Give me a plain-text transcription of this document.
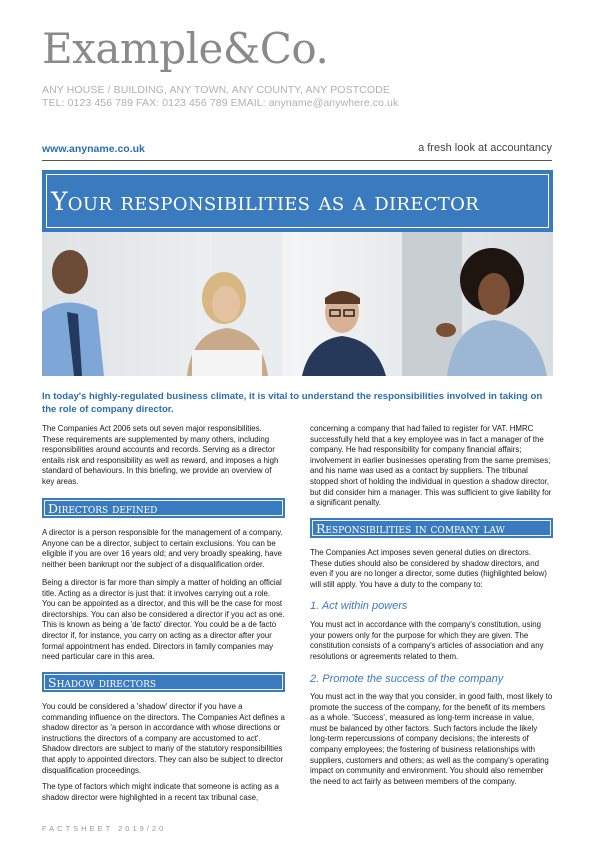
Example&Co.
ANY HOUSE / BUILDING, ANY TOWN, ANY COUNTY, ANY POSTCODE
TEL: 0123 456 789 FAX: 0123 456 789 EMAIL: anyname@anywhere.co.uk
www.anyname.co.uk	a fresh look at accountancy
Your responsibilities as a director
In today's highly-regulated business climate, it is vital to understand the responsibilities involved in taking on the role of company director.
The Companies Act 2006 sets out seven major responsibilities. These requirements are supplemented by many others, including responsibilities around accounts and records. Serving as a director entails risk and responsibility as well as reward, and imposes a high standard of behaviours. In this briefing, we provide an overview of key areas.
Directors defined
A director is a person responsible for the management of a company. Anyone can be a director, subject to certain exclusions. You can be eligible if you are over 16 years old; and very broadly speaking, have neither been bankrupt nor the subject of a disqualification order.
Being a director is far more than simply a matter of holding an official title. Acting as a director is just that: it involves carrying out a role. You can be appointed as a director, and this will be the case for most directorships. You can also be considered a director if you act as one. This is known as being a 'de facto' director. You could be a de facto director if, for instance, you carry on acting as a director after your formal appointment has ended. Directors in family companies may need particular care in this area.
Shadow directors
You could be considered a 'shadow' director if you have a commanding influence on the directors. The Companies Act defines a shadow director as 'a person in accordance with whose directions or instructions the directors of a company are accustomed to act'. Shadow directors are subject to many of the statutory responsibilities that apply to appointed directors. They can also be subject to director disqualification proceedings.
The type of factors which might indicate that someone is acting as a shadow director were highlighted in a recent tax tribunal case,
concerning a company that had failed to register for VAT. HMRC successfully held that a key employee was in fact a manager of the company. He had responsibility for company financial affairs; involvement in earlier businesses operating from the same premises; and his name was used as a contact by suppliers. The tribunal stopped short of holding the individual in question a shadow director, but did consider him a manager. This was sufficient to give liability for a significant penalty.
Responsibilities in company law
The Companies Act imposes seven general duties on directors. These duties should also be considered by shadow directors, and even if you are no longer a director, some duties (highlighted below) will still apply. You have a duty to the company to:
1. Act within powers
You must act in accordance with the company's constitution, using your powers only for the purpose for which they are given. The constitution consists of a company's articles of association and any resolutions or agreements related to them.
2. Promote the success of the company
You must act in the way that you consider, in good faith, most likely to promote the success of the company, for the benefit of its members as a whole. 'Success', measured as long-term increase in value, must be balanced by other factors. Such factors include the likely long-term repercussions of company decisions; the interests of company employees; the fostering of business relationships with suppliers, customers and others; as well as the company's operating impact on community and environment. You should also remember the need to act fairly as between members of the company.
FACTSHEET 2019/20
